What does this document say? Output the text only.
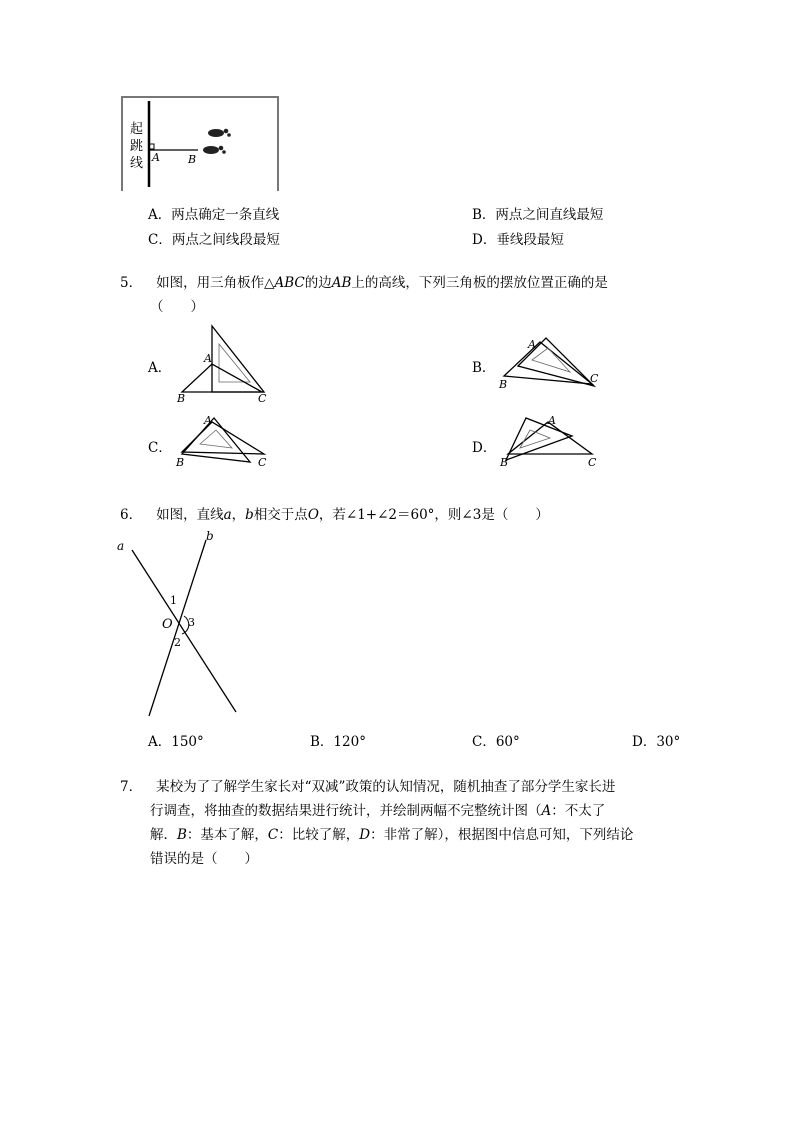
起
跳
线 A	B
A．两点确定一条直线	B．两点之间直线最短
C．两点之间线段最短	D．垂线段最短
5． 如图，用三角板作△ABC的边AB上的高线，下列三角板的摆放位置正确的是
（　　）
A．
A
B	C
B．
A
B	C
C．
A
B	C
D．
A
B	C
6． 如图，直线a，b相交于点O，若∠1+∠2＝60°，则∠3是（　　）
a
b
O
1
3
2
A．150°	B．120°	C．60°	D．30°
7． 某校为了了解学生家长对“双减”政策的认知情况，随机抽查了部分学生家长进
行调查，将抽查的数据结果进行统计，并绘制两幅不完整统计图（A：不太了
解．B：基本了解，C：比较了解，D：非常了解），根据图中信息可知，下列结论
错误的是（　　）
